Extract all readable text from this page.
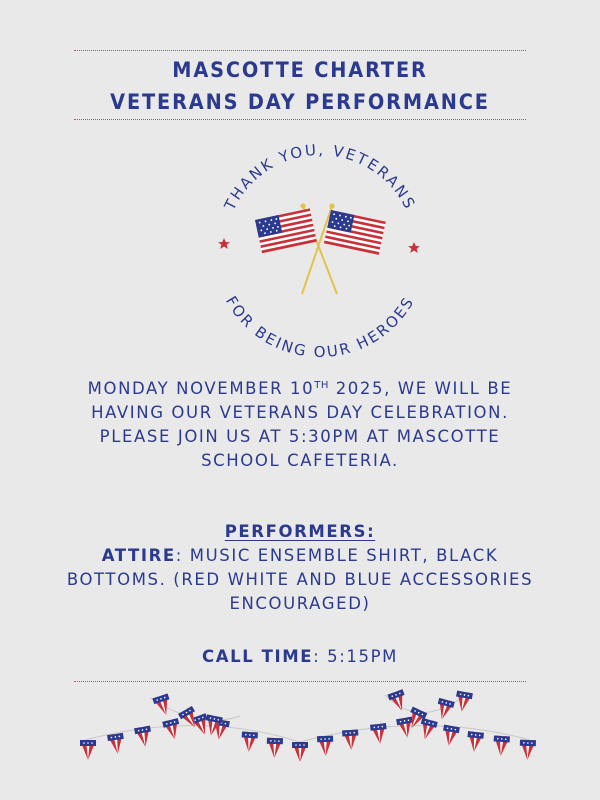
MASCOTTE CHARTER
VETERANS DAY PERFORMANCE
THANK YOU, VETERANS
FOR BEING OUR HEROES
MONDAY NOVEMBER 10TH 2025, WE WILL BE
HAVING OUR VETERANS DAY CELEBRATION.
PLEASE JOIN US AT 5:30PM AT MASCOTTE
SCHOOL CAFETERIA.
PERFORMERS:
ATTIRE: MUSIC ENSEMBLE SHIRT, BLACK
BOTTOMS. (RED WHITE AND BLUE ACCESSORIES
ENCOURAGED)
CALL TIME: 5:15PM
